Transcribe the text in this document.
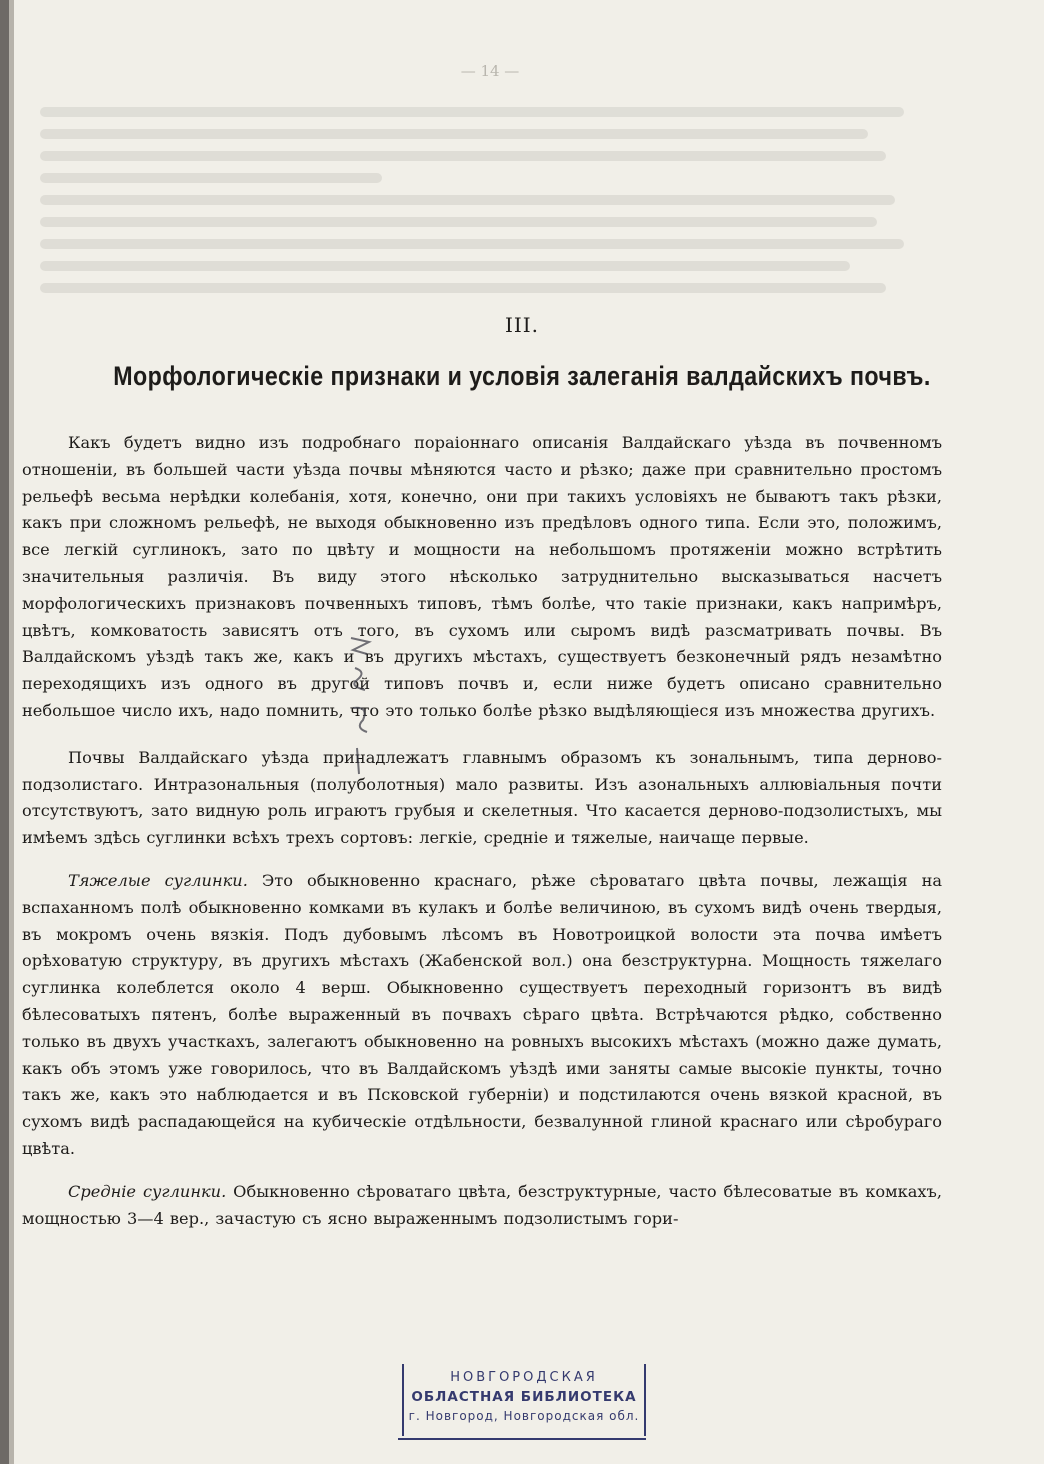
— 14 —
III.
Морфологическіе признаки и условія залеганія валдайскихъ почвъ.

Какъ будетъ видно изъ подробнаго пораіоннаго описанія Валдайскаго уѣзда въ почвенномъ отношеніи, въ большей части уѣзда почвы мѣняются часто и рѣзко; даже при сравнительно простомъ рельефѣ весьма нерѣдки колебанія, хотя, конечно, они при такихъ условіяхъ не бываютъ такъ рѣзки, какъ при сложномъ рельефѣ, не выходя обыкновенно изъ предѣловъ одного типа. Если это, положимъ, все легкій суглинокъ, зато по цвѣту и мощности на небольшомъ протяженіи можно встрѣтить значительныя различія. Въ виду этого нѣсколько затруднительно высказываться насчетъ морфологическихъ признаковъ почвенныхъ типовъ, тѣмъ болѣе, что такіе признаки, какъ напримѣръ, цвѣтъ, комковатость зависятъ отъ того, въ сухомъ или сыромъ видѣ разсматривать почвы. Въ Валдайскомъ уѣздѣ такъ же, какъ и въ другихъ мѣстахъ, существуетъ безконечный рядъ незамѣтно переходящихъ изъ одного въ другой типовъ почвъ и, если ниже будетъ описано сравнительно небольшое число ихъ, надо помнить, что это только болѣе рѣзко выдѣляющіеся изъ множества другихъ.

Почвы Валдайскаго уѣзда принадлежатъ главнымъ образомъ къ зональнымъ, типа дерново-подзолистаго. Интразональныя (полуболотныя) мало развиты. Изъ азональныхъ аллювіальныя почти отсутствуютъ, зато видную роль играютъ грубыя и скелетныя. Что касается дерново-подзолистыхъ, мы имѣемъ здѣсь суглинки всѣхъ трехъ сортовъ: легкіе, средніе и тяжелые, наичаще первые.

Тяжелые суглинки. Это обыкновенно краснаго, рѣже сѣроватаго цвѣта почвы, лежащія на вспаханномъ полѣ обыкновенно комками въ кулакъ и болѣе величиною, въ сухомъ видѣ очень твердыя, въ мокромъ очень вязкія. Подъ дубовымъ лѣсомъ въ Новотроицкой волости эта почва имѣетъ орѣховатую структуру, въ другихъ мѣстахъ (Жабенской вол.) она безструктурна. Мощность тяжелаго суглинка колеблется около 4 верш. Обыкновенно существуетъ переходный горизонтъ въ видѣ бѣлесоватыхъ пятенъ, болѣе выраженный въ почвахъ сѣраго цвѣта. Встрѣчаются рѣдко, собственно только въ двухъ участкахъ, залегаютъ обыкновенно на ровныхъ высокихъ мѣстахъ (можно даже думать, какъ объ этомъ уже говорилось, что въ Валдайскомъ уѣздѣ ими заняты самые высокіе пункты, точно такъ же, какъ это наблюдается и въ Псковской губерніи) и подстилаются очень вязкой красной, въ сухомъ видѣ распадающейся на кубическіе отдѣльности, безвалунной глиной краснаго или сѣробураго цвѣта.

Средніе суглинки. Обыкновенно сѣроватаго цвѣта, безструктурные, часто бѣлесоватые въ комкахъ, мощностью 3—4 вер., зачастую съ ясно выраженнымъ подзолистымъ гори-

НОВГОРОДСКАЯ
ОБЛАСТНАЯ БИБЛИОТЕКА
г. Новгород, Новгородская обл.
